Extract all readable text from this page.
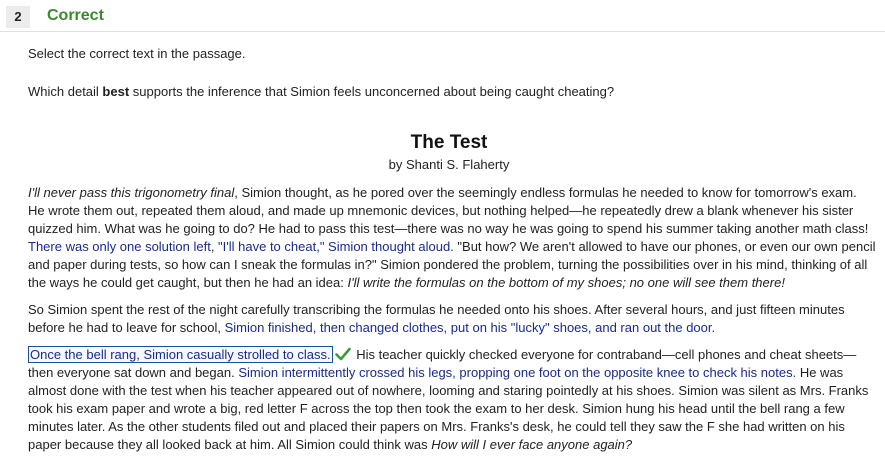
2	Correct
Select the correct text in the passage.
Which detail best supports the inference that Simion feels unconcerned about being caught cheating?
The Test
by Shanti S. Flaherty
I'll never pass this trigonometry final, Simion thought, as he pored over the seemingly endless formulas he needed to know for tomorrow's exam. He wrote them out, repeated them aloud, and made up mnemonic devices, but nothing helped—he repeatedly drew a blank whenever his sister quizzed him. What was he going to do? He had to pass this test—there was no way he was going to spend his summer taking another math class! There was only one solution left, "I'll have to cheat," Simion thought aloud. "But how? We aren't allowed to have our phones, or even our own pencil and paper during tests, so how can I sneak the formulas in?" Simion pondered the problem, turning the possibilities over in his mind, thinking of all the ways he could get caught, but then he had an idea: I'll write the formulas on the bottom of my shoes; no one will see them there!
So Simion spent the rest of the night carefully transcribing the formulas he needed onto his shoes. After several hours, and just fifteen minutes before he had to leave for school, Simion finished, then changed clothes, put on his "lucky" shoes, and ran out the door.
Once the bell rang, Simion casually strolled to class. His teacher quickly checked everyone for contraband—cell phones and cheat sheets—then everyone sat down and began. Simion intermittently crossed his legs, propping one foot on the opposite knee to check his notes. He was almost done with the test when his teacher appeared out of nowhere, looming and staring pointedly at his shoes. Simion was silent as Mrs. Franks took his exam paper and wrote a big, red letter F across the top then took the exam to her desk. Simion hung his head until the bell rang a few minutes later. As the other students filed out and placed their papers on Mrs. Franks's desk, he could tell they saw the F she had written on his paper because they all looked back at him. All Simion could think was How will I ever face anyone again?
